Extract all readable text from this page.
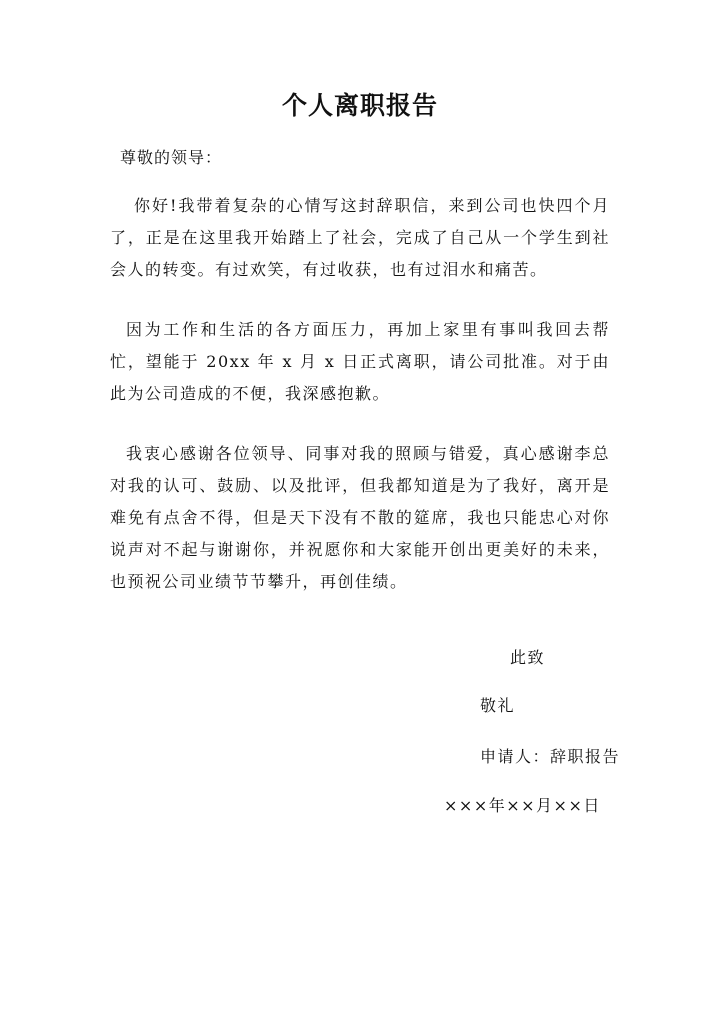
个人离职报告
尊敬的领导：

你好!我带着复杂的心情写这封辞职信，来到公司也快四个月了，正是在这里我开始踏上了社会，完成了自己从一个学生到社会人的转变。有过欢笑，有过收获，也有过泪水和痛苦。

因为工作和生活的各方面压力，再加上家里有事叫我回去帮忙，望能于 20xx 年 x 月 x 日正式离职，请公司批准。对于由此为公司造成的不便，我深感抱歉。

我衷心感谢各位领导、同事对我的照顾与错爱，真心感谢李总对我的认可、鼓励、以及批评，但我都知道是为了我好，离开是难免有点舍不得，但是天下没有不散的筵席，我也只能忠心对你说声对不起与谢谢你，并祝愿你和大家能开创出更美好的未来，也预祝公司业绩节节攀升，再创佳绩。

此致
敬礼
申请人：辞职报告
×××年××月××日
